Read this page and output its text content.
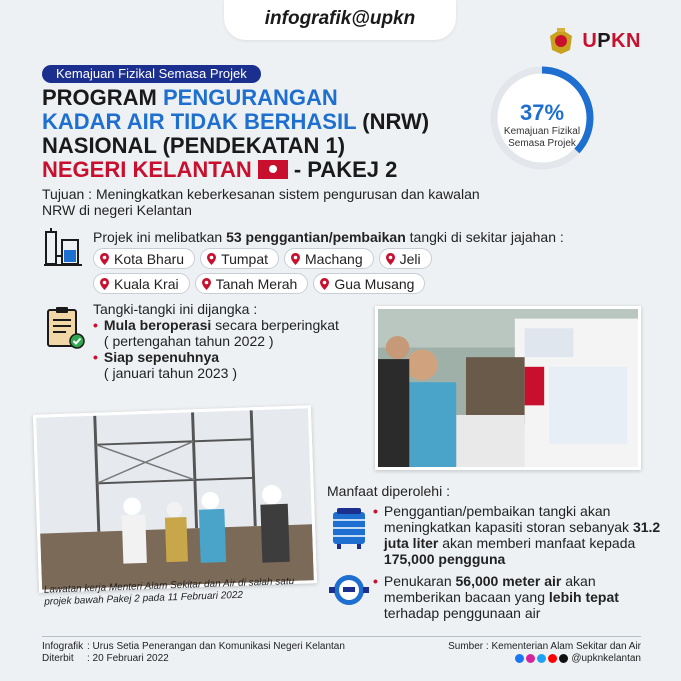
infografik@upkn
UPKN
Kemajuan Fizikal Semasa Projek
PROGRAM PENGURANGAN
KADAR AIR TIDAK BERHASIL (NRW)
NASIONAL (PENDEKATAN 1)
NEGERI KELANTAN - PAKEJ 2
37%
Kemajuan Fizikal Semasa Projek
Tujuan : Meningkatkan keberkesanan sistem pengurusan dan kawalan NRW di negeri Kelantan
Projek ini melibatkan 53 penggantian/pembaikan tangki di sekitar jajahan :
Kota Bharu	Tumpat	Machang	Jeli
Kuala Krai	Tanah Merah	Gua Musang
Tangki-tangki ini dijangka :
• Mula beroperasi secara berperingkat
( pertengahan tahun 2022 )
• Siap sepenuhnya
( januari tahun 2023 )
Lawatan kerja Menteri Alam Sekitar dan Air di salah satu projek bawah Pakej 2 pada 11 Februari 2022
Manfaat diperolehi :
• Penggantian/pembaikan tangki akan meningkatkan kapasiti storan sebanyak 31.2 juta liter akan memberi manfaat kepada 175,000 pengguna
• Penukaran 56,000 meter air akan memberikan bacaan yang lebih tepat terhadap penggunaan air
Infografik : Urus Setia Penerangan dan Komunikasi Negeri Kelantan
Diterbit	: 20 Februari 2022
Sumber : Kementerian Alam Sekitar dan Air
@upknkelantan
